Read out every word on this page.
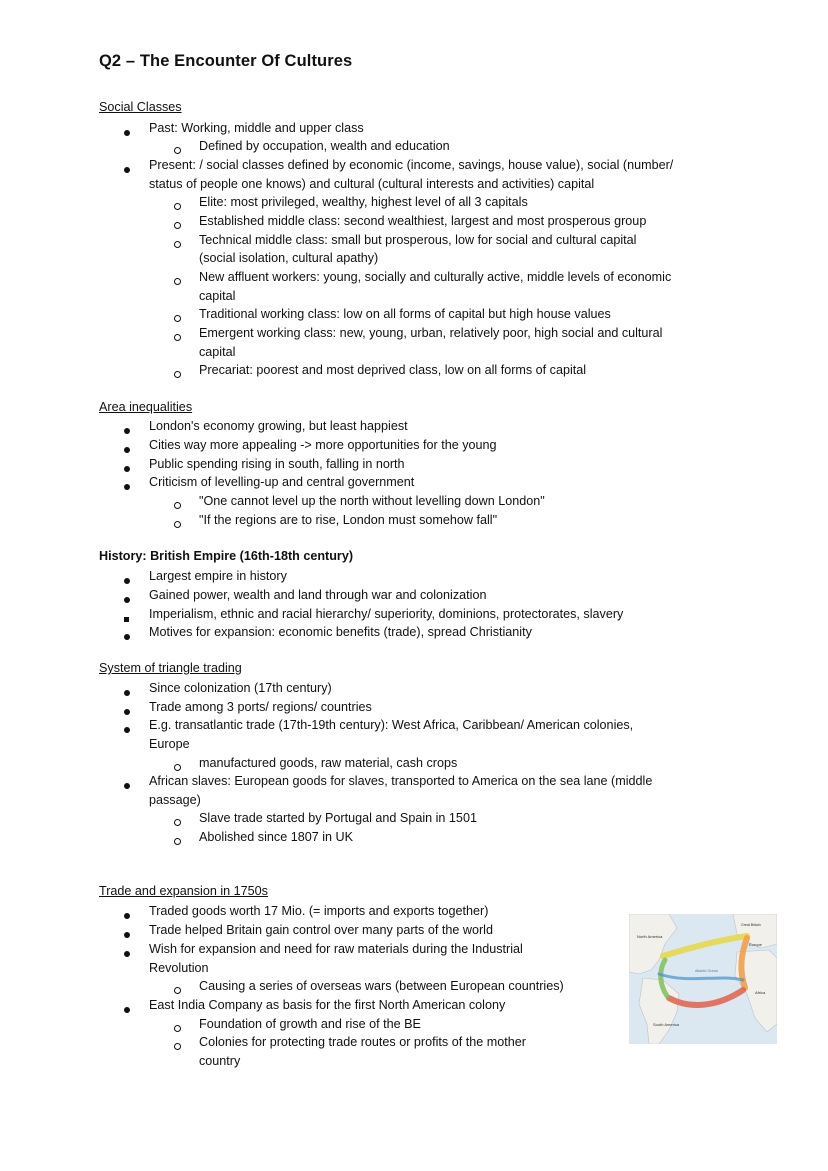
Q2 – The Encounter Of Cultures
Social Classes
Past: Working, middle and upper class
Defined by occupation, wealth and education
Present: / social classes defined by economic (income, savings, house value), social (number/
status of people one knows) and cultural (cultural interests and activities) capital
Elite: most privileged, wealthy, highest level of all 3 capitals
Established middle class: second wealthiest, largest and most prosperous group
Technical middle class: small but prosperous, low for social and cultural capital
(social isolation, cultural apathy)
New affluent workers: young, socially and culturally active, middle levels of economic
capital
Traditional working class: low on all forms of capital but high house values
Emergent working class: new, young, urban, relatively poor, high social and cultural
capital
Precariat: poorest and most deprived class, low on all forms of capital
Area inequalities
London's economy growing, but least happiest
Cities way more appealing -> more opportunities for the young
Public spending rising in south, falling in north
Criticism of levelling-up and central government
"One cannot level up the north without levelling down London"
"If the regions are to rise, London must somehow fall"
History: British Empire (16th-18th century)
Largest empire in history
Gained power, wealth and land through war and colonization
Imperialism, ethnic and racial hierarchy/ superiority, dominions, protectorates, slavery
Motives for expansion: economic benefits (trade), spread Christianity
System of triangle trading
Since colonization (17th century)
Trade among 3 ports/ regions/ countries
E.g. transatlantic trade (17th-19th century): West Africa, Caribbean/ American colonies,
Europe
manufactured goods, raw material, cash crops
African slaves: European goods for slaves, transported to America on the sea lane (middle
passage)
Slave trade started by Portugal and Spain in 1501
Abolished since 1807 in UK
Trade and expansion in 1750s
Traded goods worth 17 Mio. (= imports and exports together)
Trade helped Britain gain control over many parts of the world
Wish for expansion and need for raw materials during the Industrial
Revolution
Causing a series of overseas wars (between European countries)
East India Company as basis for the first North American colony
Foundation of growth and rise of the BE
Colonies for protecting trade routes or profits of the mother
country
North America
Europe
Great Britain
Africa
Atlantic Ocean
South America
